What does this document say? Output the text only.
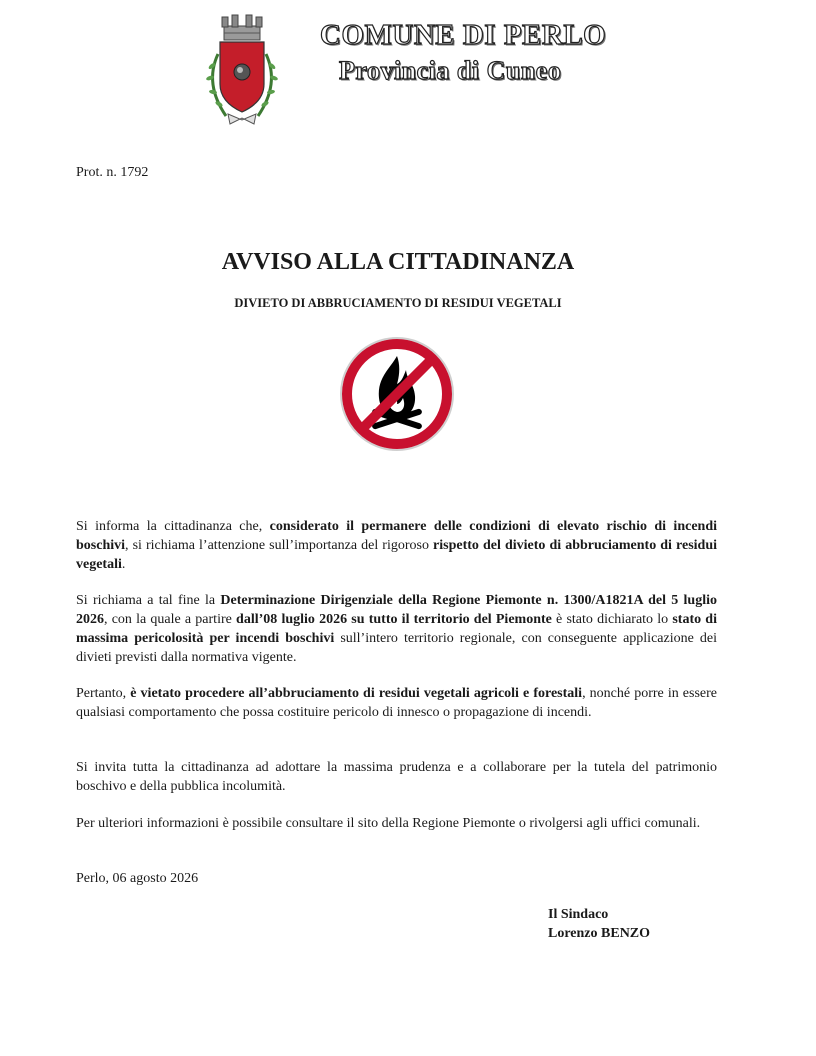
COMUNE DI PERLO
Provincia di Cuneo
Prot. n. 1792
AVVISO ALLA CITTADINANZA
DIVIETO DI ABBRUCIAMENTO DI RESIDUI VEGETALI
Si informa la cittadinanza che, considerato il permanere delle condizioni di elevato rischio di incendi boschivi, si richiama l’attenzione sull’importanza del rigoroso rispetto del divieto di abbruciamento di residui vegetali.
Si richiama a tal fine la Determinazione Dirigenziale della Regione Piemonte n. 1300/A1821A del 5 luglio 2026, con la quale a partire dall’08 luglio 2026 su tutto il territorio del Piemonte è stato dichiarato lo stato di massima pericolosità per incendi boschivi sull’intero territorio regionale, con conseguente applicazione dei divieti previsti dalla normativa vigente.
Pertanto, è vietato procedere all’abbruciamento di residui vegetali agricoli e forestali, nonché porre in essere qualsiasi comportamento che possa costituire pericolo di innesco o propagazione di incendi.
Si invita tutta la cittadinanza ad adottare la massima prudenza e a collaborare per la tutela del patrimonio boschivo e della pubblica incolumità.
Per ulteriori informazioni è possibile consultare il sito della Regione Piemonte o rivolgersi agli uffici comunali.
Perlo, 06 agosto 2026
Il Sindaco
Lorenzo BENZO
